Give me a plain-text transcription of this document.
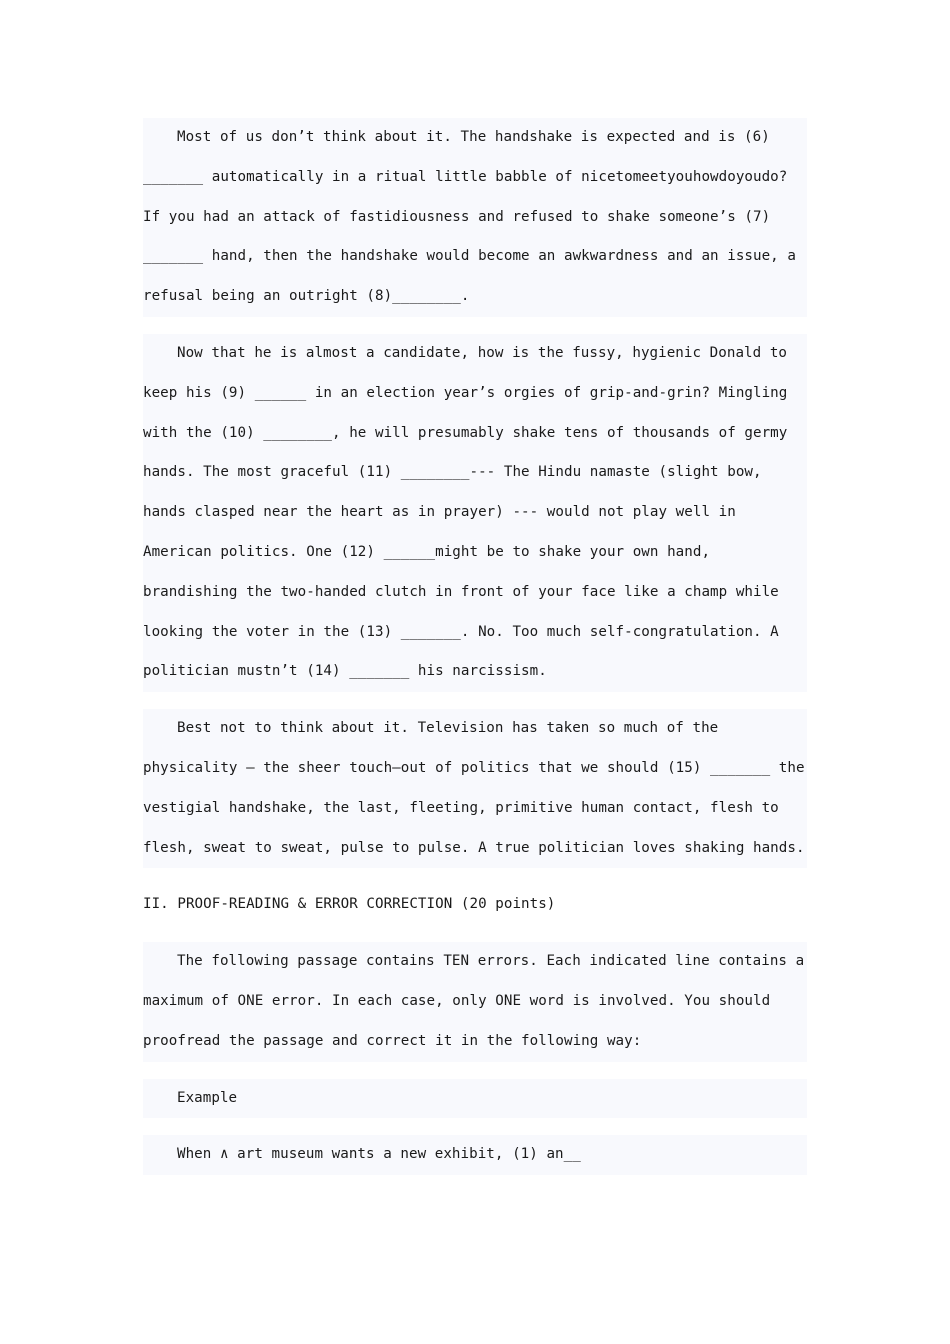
Most of us don’t think about it. The handshake is expected and is (6) _______ automatically in a ritual little babble of nicetomeetyouhowdoyoudo? If you had an attack of fastidiousness and refused to shake someone’s (7) _______ hand, then the handshake would become an awkwardness and an issue, a refusal being an outright (8)________.

Now that he is almost a candidate, how is the fussy, hygienic Donald to keep his (9) ______ in an election year’s orgies of grip-and-grin? Mingling with the (10) ________, he will presumably shake tens of thousands of germy hands. The most graceful (11) ________--- The Hindu namaste (slight bow, hands clasped near the heart as in prayer) --- would not play well in American politics. One (12) ______might be to shake your own hand, brandishing the two-handed clutch in front of your face like a champ while looking the voter in the (13) _______. No. Too much self-congratulation. A politician mustn’t (14) _______ his narcissism.

Best not to think about it. Television has taken so much of the physicality — the sheer touch—out of politics that we should (15) _______ the vestigial handshake, the last, fleeting, primitive human contact, flesh to flesh, sweat to sweat, pulse to pulse. A true politician loves shaking hands.

II. PROOF-READING & ERROR CORRECTION (20 points)

The following passage contains TEN errors. Each indicated line contains a maximum of ONE error. In each case, only ONE word is involved. You should proofread the passage and correct it in the following way:

Example

When ∧ art museum wants a new exhibit, (1) an__
